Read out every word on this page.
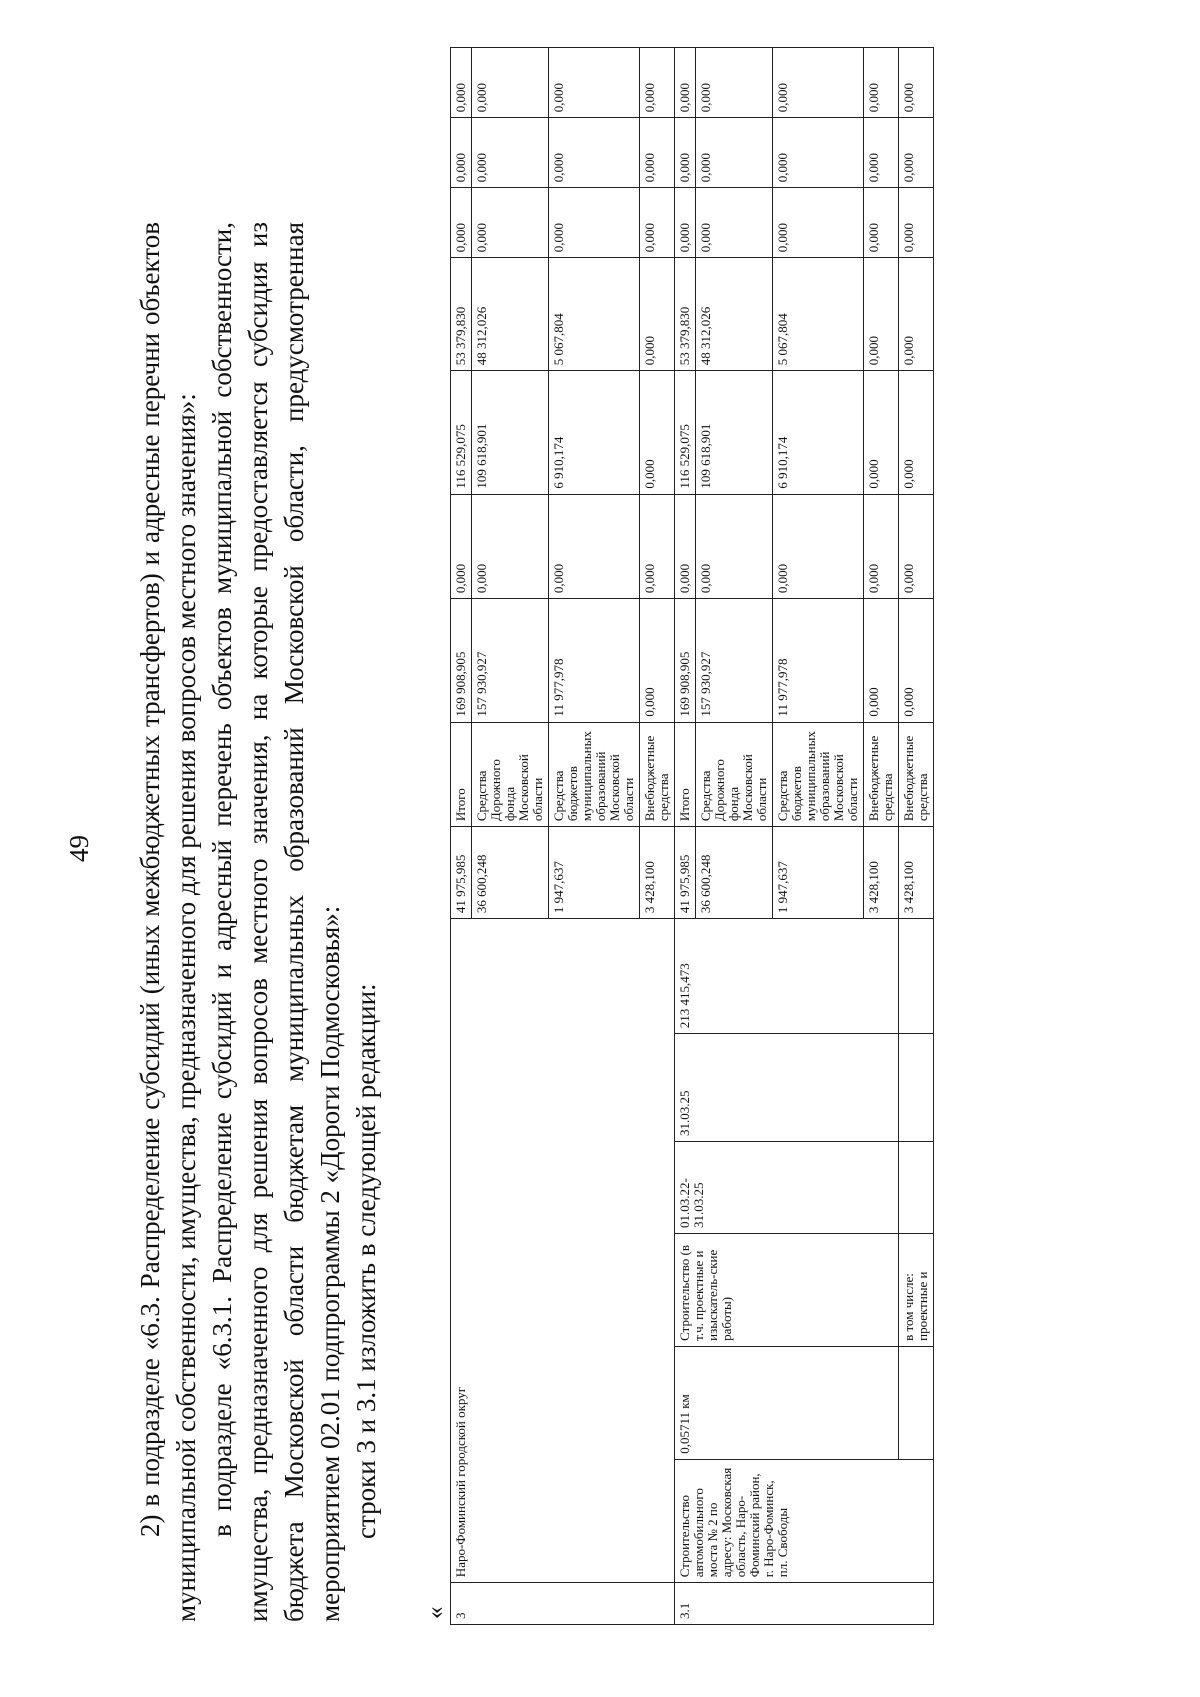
49 2) в подразделе «6.3. Распределение субсидий (иных межбюджетных трансфертов) и адресные перечни объектов муниципальной собственности, имущества, предназначенного для решения вопросов местного значения»: в подразделе «6.3.1. Распределение субсидий и адресный перечень объектов муниципальной собственности, имущества, предназначенного для решения вопросов местного значения, на которые предоставляется субсидия из бюджета Московской области бюджетам муниципальных образований Московской области, предусмотренная мероприятием 02.01 подпрограммы 2 «Дороги Подмосковья»: строки 3 и 3.1 изложить в следующей редакции:

« 3	Наро-Фоминский городской округ						41 975,985	Итого	169 908,905	0,000	116 529,075	53 379,830	0,000	0,000	0,000
							36 600,248	Средства Дорожного фонда Московской области	157 930,927	0,000	109 618,901	48 312,026	0,000	0,000	0,000
							1 947,637	Средства бюджетов муниципальных образований Московской области	11 977,978	0,000	6 910,174	5 067,804	0,000	0,000	0,000
							3 428,100	Внебюджетные средства	0,000	0,000	0,000	0,000	0,000	0,000	0,000
3.1	Строительство автомобильного моста № 2 по адресу: Московская область, Наро-Фоминский район, г. Наро-Фоминск, пл. Свободы	0,05711 км	Строительство (в т.ч. проектные и изыскатель-ские работы)	01.03.22-31.03.25	31.03.25	213 415,473	41 975,985	Итого	169 908,905	0,000	116 529,075	53 379,830	0,000	0,000	0,000
							36 600,248	Средства Дорожного фонда Московской области	157 930,927	0,000	109 618,901	48 312,026	0,000	0,000	0,000
							1 947,637	Средства бюджетов муниципальных образований Московской области	11 977,978	0,000	6 910,174	5 067,804	0,000	0,000	0,000
							3 428,100	Внебюджетные средства	0,000	0,000	0,000	0,000	0,000	0,000	0,000
			в том числе: проектные и				3 428,100	Внебюджетные средства	0,000	0,000	0,000	0,000	0,000	0,000	0,000
